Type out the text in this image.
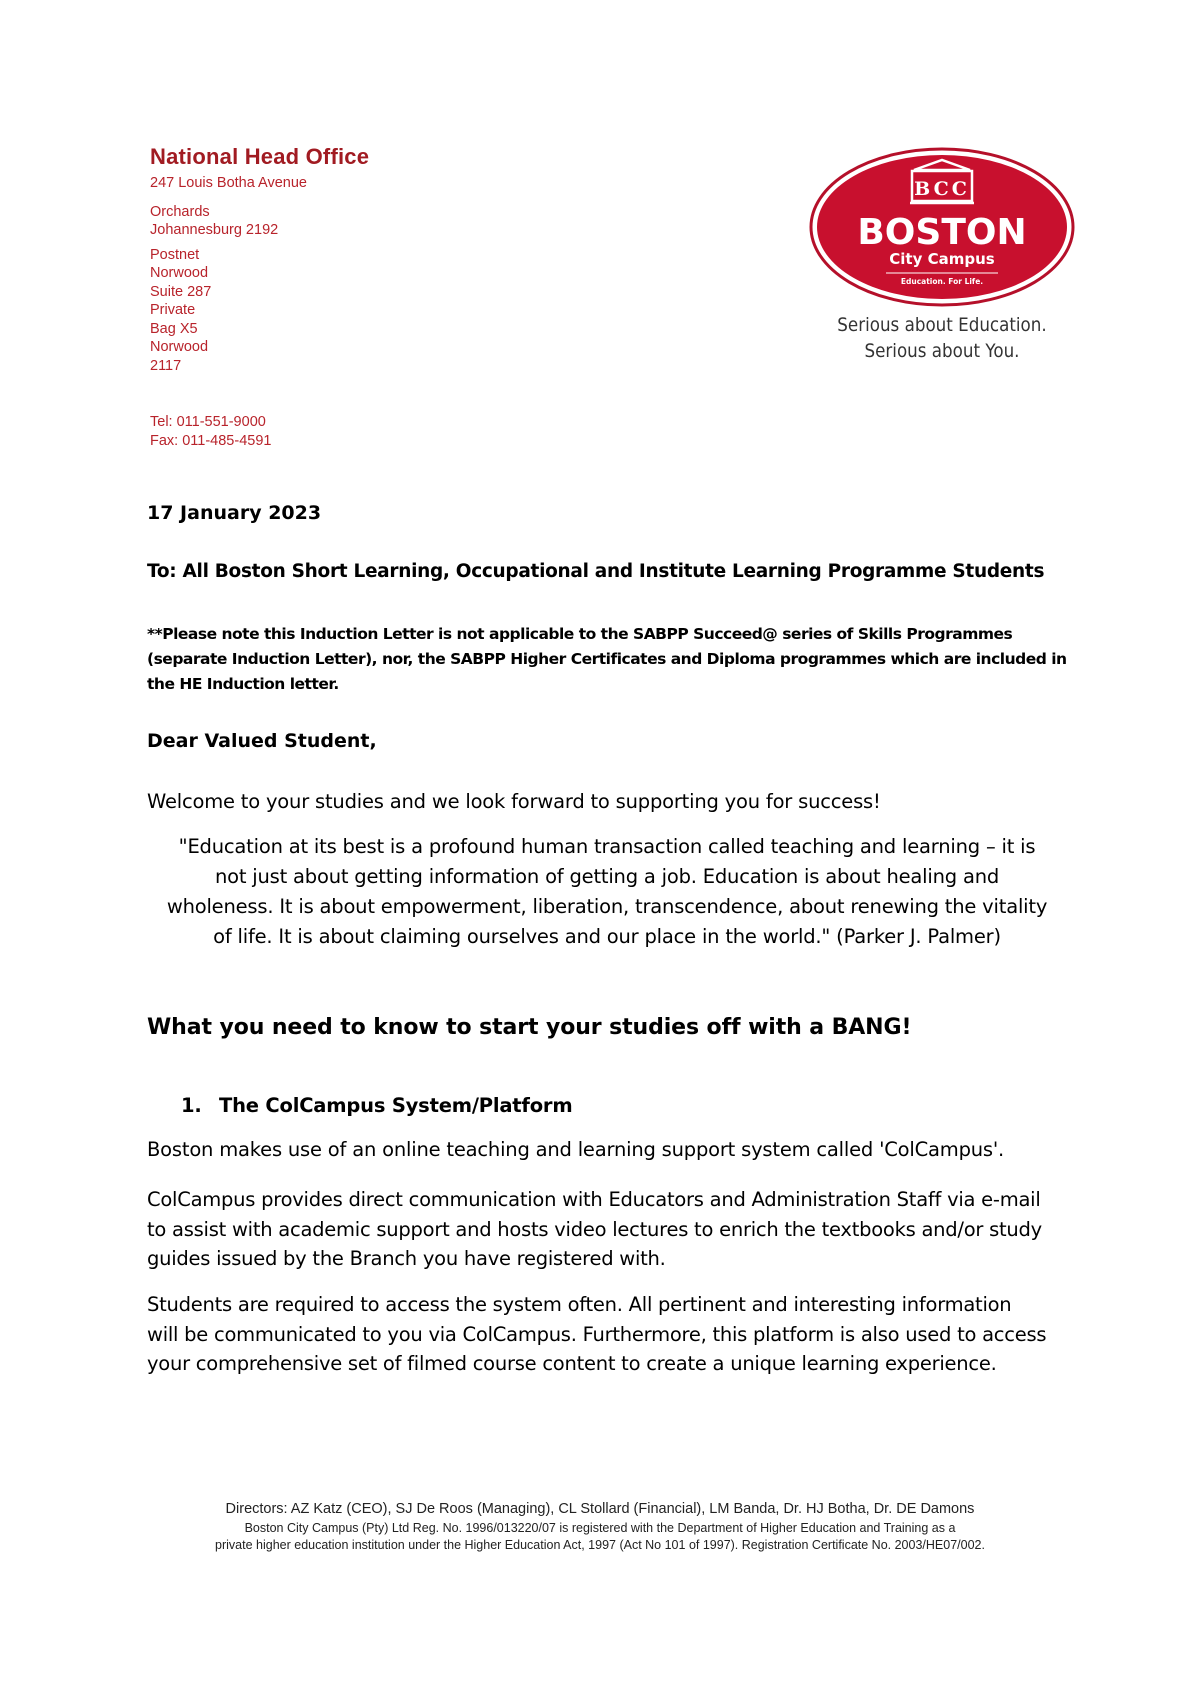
National Head Office
247 Louis Botha Avenue
Orchards
Johannesburg 2192
Postnet
Norwood
Suite 287
Private
Bag X5
Norwood
2117
Tel: 011-551-9000
Fax: 011-485-4591
BCC
BOSTON
City Campus
Education. For Life.
Serious about Education.
Serious about You.
17 January 2023
To: All Boston Short Learning, Occupational and Institute Learning Programme Students
**Please note this Induction Letter is not applicable to the SABPP Succeed@ series of Skills Programmes
(separate Induction Letter), nor, the SABPP Higher Certificates and Diploma programmes which are included in
the HE Induction letter.
Dear Valued Student,
Welcome to your studies and we look forward to supporting you for success!
"Education at its best is a profound human transaction called teaching and learning – it is
not just about getting information of getting a job. Education is about healing and
wholeness. It is about empowerment, liberation, transcendence, about renewing the vitality
of life. It is about claiming ourselves and our place in the world." (Parker J. Palmer)
What you need to know to start your studies off with a BANG!
1. The ColCampus System/Platform
Boston makes use of an online teaching and learning support system called 'ColCampus'.
ColCampus provides direct communication with Educators and Administration Staff via e-mail
to assist with academic support and hosts video lectures to enrich the textbooks and/or study
guides issued by the Branch you have registered with.
Students are required to access the system often. All pertinent and interesting information
will be communicated to you via ColCampus. Furthermore, this platform is also used to access
your comprehensive set of filmed course content to create a unique learning experience.
Directors: AZ Katz (CEO), SJ De Roos (Managing), CL Stollard (Financial), LM Banda, Dr. HJ Botha, Dr. DE Damons
Boston City Campus (Pty) Ltd Reg. No. 1996/013220/07 is registered with the Department of Higher Education and Training as a
private higher education institution under the Higher Education Act, 1997 (Act No 101 of 1997). Registration Certificate No. 2003/HE07/002.
